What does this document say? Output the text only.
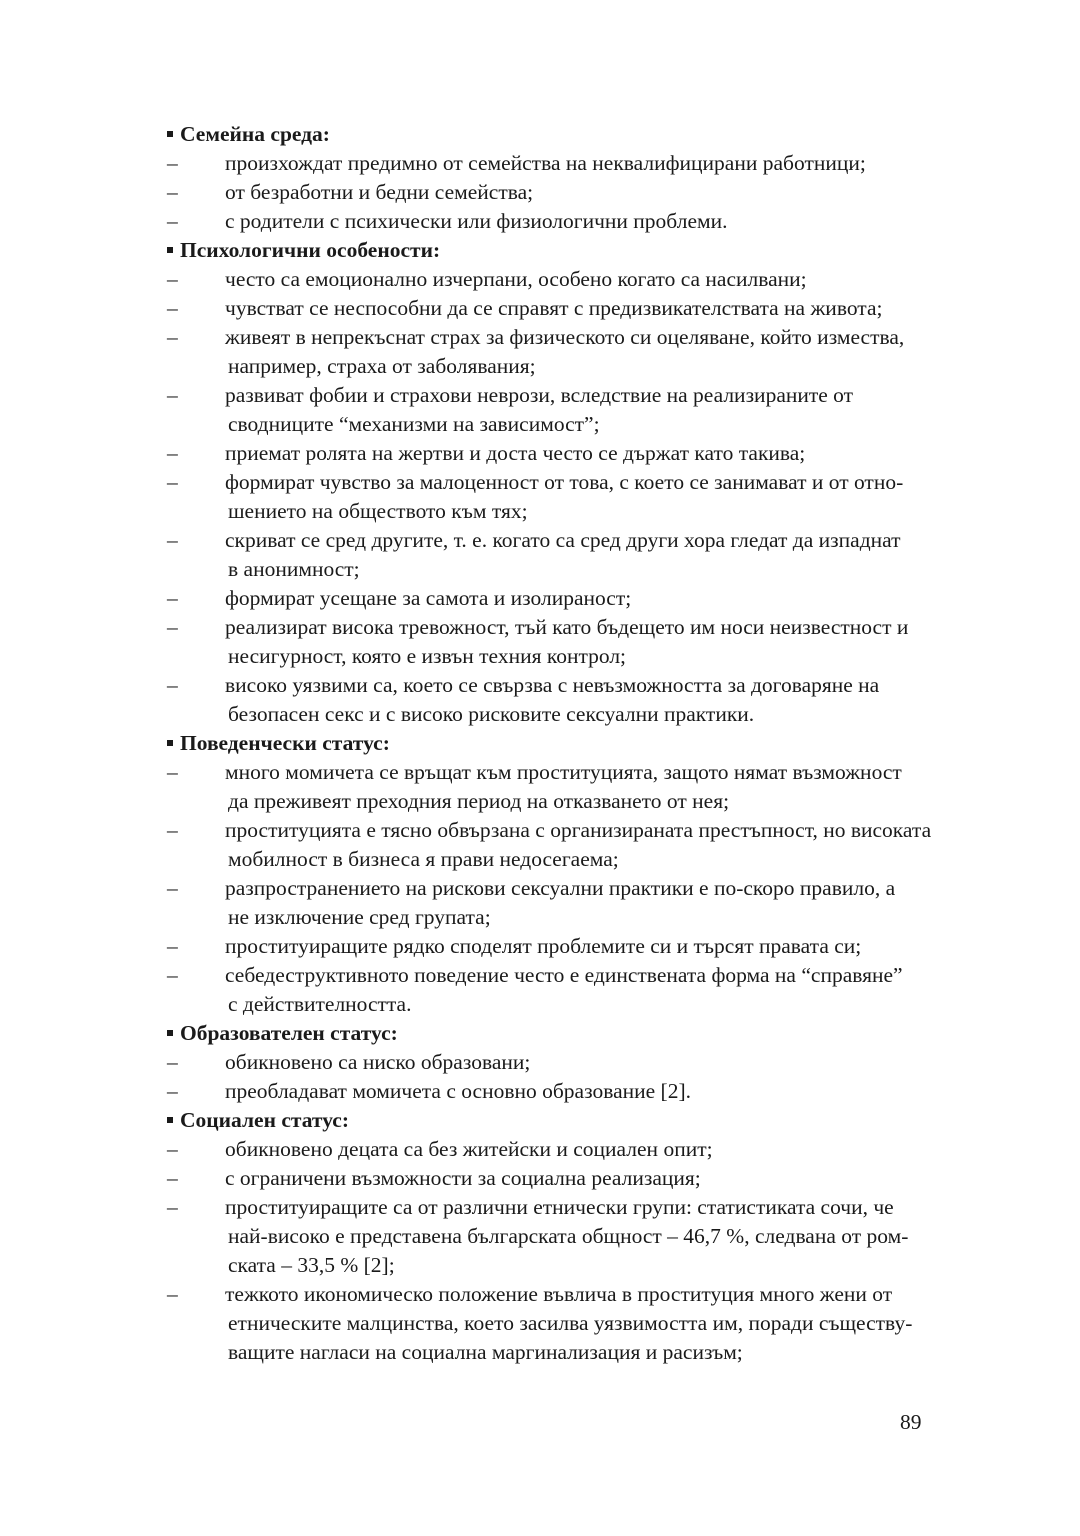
Семейна среда:
–	произхождат предимно от семейства на неквалифицирани работници;
–	от безработни и бедни семейства;
–	с родители с психически или физиологични проблеми.
Психологични особености:
–	често са емоционално изчерпани, особено когато са насилвани;
–	чувстват се неспособни да се справят с предизвикателствата на живота;
–	живеят в непрекъснат страх за физическото си оцеляване, който измества,
например, страха от заболявания;
–	развиват фобии и страхови неврози, вследствие на реализираните от
сводниците “механизми на зависимост”;
–	приемат ролята на жертви и доста често се държат като такива;
–	формират чувство за малоценност от това, с което се занимават и от отно-
шението на обществото към тях;
–	скриват се сред другите, т. е. когато са сред други хора гледат да изпаднат
в анонимност;
–	формират усещане за самота и изолираност;
–	реализират висока тревожност, тъй като бъдещето им носи неизвестност и
несигурност, която е извън техния контрол;
–	високо уязвими са, което се свързва с невъзможността за договаряне на
безопасен секс и с високо рисковите сексуални практики.
Поведенчески статус:
–	много момичета се връщат към проституцията, защото нямат възможност
да преживеят преходния период на отказването от нея;
–	проституцията е тясно обвързана с организираната престъпност, но високата
мобилност в бизнеса я прави недосегаема;
–	разпространението на рискови сексуални практики е по-скоро правило, а
не изключение сред групата;
–	проституиращите рядко споделят проблемите си и търсят правата си;
–	себедеструктивното поведение често е единствената форма на “справяне”
с действителността.
Образователен статус:
–	обикновено са ниско образовани;
–	преобладават момичета с основно образование [2].
Социален статус:
–	обикновено децата са без житейски и социален опит;
–	с ограничени възможности за социална реализация;
–	проституиращите са от различни етнически групи: статистиката сочи, че
най-високо е представена българската общност – 46,7 %, следвана от ром-
ската – 33,5 % [2];
–	тежкото икономическо положение въвлича в проституция много жени от
етническите малцинства, което засилва уязвимостта им, поради съществу-
ващите нагласи на социална маргинализация и расизъм;
89
